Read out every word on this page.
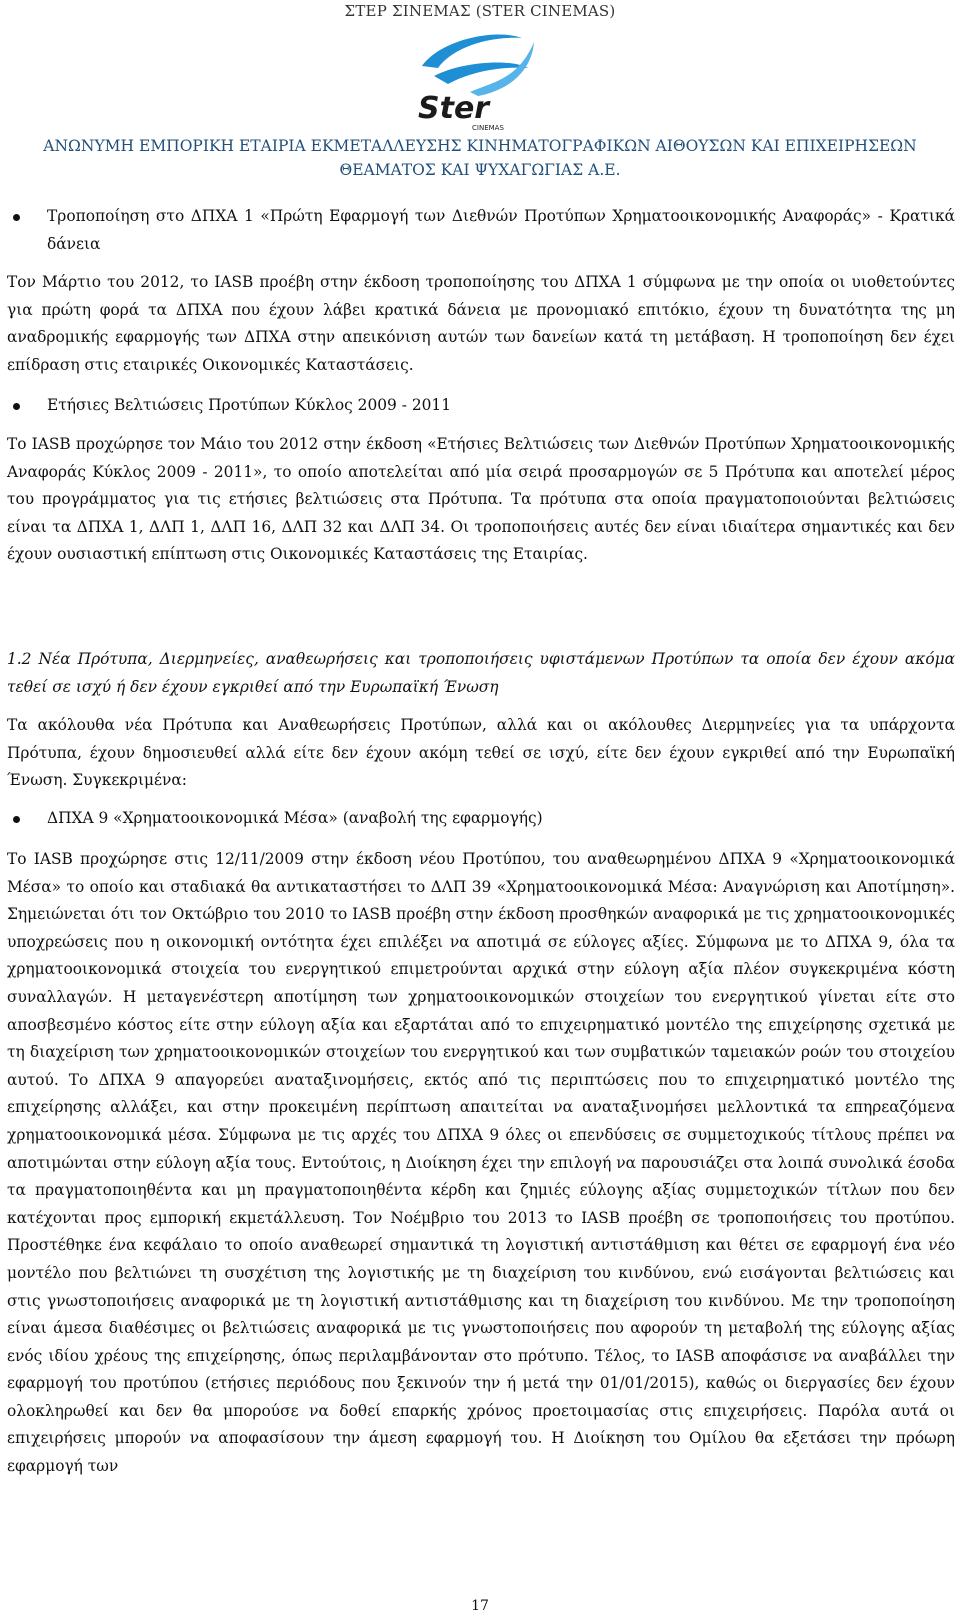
ΣΤΕΡ ΣΙΝΕΜΑΣ (STER CINEMAS)
Ster
CINEMAS
ΑΝΩΝΥΜΗ ΕΜΠΟΡΙΚΗ ΕΤΑΙΡΙΑ ΕΚΜΕΤΑΛΛΕΥΣΗΣ ΚΙΝΗΜΑΤΟΓΡΑΦΙΚΩΝ ΑΙΘΟΥΣΩΝ ΚΑΙ ΕΠΙΧΕΙΡΗΣΕΩΝ
ΘΕΑΜΑΤΟΣ ΚΑΙ ΨΥΧΑΓΩΓΙΑΣ Α.Ε.
Τροποποίηση στο ΔΠΧΑ 1 «Πρώτη Εφαρμογή των Διεθνών Προτύπων Χρηματοοικονομικής Αναφοράς» - Κρατικά δάνεια
Τον Μάρτιο του 2012, το IASB προέβη στην έκδοση τροποποίησης του ΔΠΧΑ 1 σύμφωνα με την οποία οι υιοθετούντες για πρώτη φορά τα ΔΠΧΑ που έχουν λάβει κρατικά δάνεια με προνομιακό επιτόκιο, έχουν τη δυνατότητα της μη αναδρομικής εφαρμογής των ΔΠΧΑ στην απεικόνιση αυτών των δανείων κατά τη μετάβαση. Η τροποποίηση δεν έχει επίδραση στις εταιρικές Οικονομικές Καταστάσεις.
Ετήσιες Βελτιώσεις Προτύπων Κύκλος 2009 - 2011
Το IASB προχώρησε τον Μάιο του 2012 στην έκδοση «Ετήσιες Βελτιώσεις των Διεθνών Προτύπων Χρηματοοικονομικής Αναφοράς Κύκλος 2009 - 2011», το οποίο αποτελείται από μία σειρά προσαρμογών σε 5 Πρότυπα και αποτελεί μέρος του προγράμματος για τις ετήσιες βελτιώσεις στα Πρότυπα. Τα πρότυπα στα οποία πραγματοποιούνται βελτιώσεις είναι τα ΔΠΧΑ 1, ΔΛΠ 1, ΔΛΠ 16, ΔΛΠ 32 και ΔΛΠ 34. Οι τροποποιήσεις αυτές δεν είναι ιδιαίτερα σημαντικές και δεν έχουν ουσιαστική επίπτωση στις Οικονομικές Καταστάσεις της Εταιρίας.
1.2 Νέα Πρότυπα, Διερμηνείες, αναθεωρήσεις και τροποποιήσεις υφιστάμενων Προτύπων τα οποία δεν έχουν ακόμα τεθεί σε ισχύ ή δεν έχουν εγκριθεί από την Ευρωπαϊκή Ένωση
Τα ακόλουθα νέα Πρότυπα και Αναθεωρήσεις Προτύπων, αλλά και οι ακόλουθες Διερμηνείες για τα υπάρχοντα Πρότυπα, έχουν δημοσιευθεί αλλά είτε δεν έχουν ακόμη τεθεί σε ισχύ, είτε δεν έχουν εγκριθεί από την Ευρωπαϊκή Ένωση. Συγκεκριμένα:
ΔΠΧΑ 9 «Χρηματοοικονομικά Μέσα» (αναβολή της εφαρμογής)
Το IASB προχώρησε στις 12/11/2009 στην έκδοση νέου Προτύπου, του αναθεωρημένου ΔΠΧΑ 9 «Χρηματοοικονομικά Μέσα» το οποίο και σταδιακά θα αντικαταστήσει το ΔΛΠ 39 «Χρηματοοικονομικά Μέσα: Αναγνώριση και Αποτίμηση». Σημειώνεται ότι τον Οκτώβριο του 2010 το IASB προέβη στην έκδοση προσθηκών αναφορικά με τις χρηματοοικονομικές υποχρεώσεις που η οικονομική οντότητα έχει επιλέξει να αποτιμά σε εύλογες αξίες. Σύμφωνα με το ΔΠΧΑ 9, όλα τα χρηματοοικονομικά στοιχεία του ενεργητικού επιμετρούνται αρχικά στην εύλογη αξία πλέον συγκεκριμένα κόστη συναλλαγών. Η μεταγενέστερη αποτίμηση των χρηματοοικονομικών στοιχείων του ενεργητικού γίνεται είτε στο αποσβεσμένο κόστος είτε στην εύλογη αξία και εξαρτάται από το επιχειρηματικό μοντέλο της επιχείρησης σχετικά με τη διαχείριση των χρηματοοικονομικών στοιχείων του ενεργητικού και των συμβατικών ταμειακών ροών του στοιχείου αυτού. Το ΔΠΧΑ 9 απαγορεύει αναταξινομήσεις, εκτός από τις περιπτώσεις που το επιχειρηματικό μοντέλο της επιχείρησης αλλάξει, και στην προκειμένη περίπτωση απαιτείται να αναταξινομήσει μελλοντικά τα επηρεαζόμενα χρηματοοικονομικά μέσα. Σύμφωνα με τις αρχές του ΔΠΧΑ 9 όλες οι επενδύσεις σε συμμετοχικούς τίτλους πρέπει να αποτιμώνται στην εύλογη αξία τους. Εντούτοις, η Διοίκηση έχει την επιλογή να παρουσιάζει στα λοιπά συνολικά έσοδα τα πραγματοποιηθέντα και μη πραγματοποιηθέντα κέρδη και ζημιές εύλογης αξίας συμμετοχικών τίτλων που δεν κατέχονται προς εμπορική εκμετάλλευση. Τον Νοέμβριο του 2013 το IASB προέβη σε τροποποιήσεις του προτύπου. Προστέθηκε ένα κεφάλαιο το οποίο αναθεωρεί σημαντικά τη λογιστική αντιστάθμιση και θέτει σε εφαρμογή ένα νέο μοντέλο που βελτιώνει τη συσχέτιση της λογιστικής με τη διαχείριση του κινδύνου, ενώ εισάγονται βελτιώσεις και στις γνωστοποιήσεις αναφορικά με τη λογιστική αντιστάθμισης και τη διαχείριση του κινδύνου. Με την τροποποίηση είναι άμεσα διαθέσιμες οι βελτιώσεις αναφορικά με τις γνωστοποιήσεις που αφορούν τη μεταβολή της εύλογης αξίας ενός ιδίου χρέους της επιχείρησης, όπως περιλαμβάνονταν στο πρότυπο. Τέλος, το IASB αποφάσισε να αναβάλλει την εφαρμογή του προτύπου (ετήσιες περιόδους που ξεκινούν την ή μετά την 01/01/2015), καθώς οι διεργασίες δεν έχουν ολοκληρωθεί και δεν θα μπορούσε να δοθεί επαρκής χρόνος προετοιμασίας στις επιχειρήσεις. Παρόλα αυτά οι επιχειρήσεις μπορούν να αποφασίσουν την άμεση εφαρμογή του. Η Διοίκηση του Ομίλου θα εξετάσει την πρόωρη εφαρμογή των
17
